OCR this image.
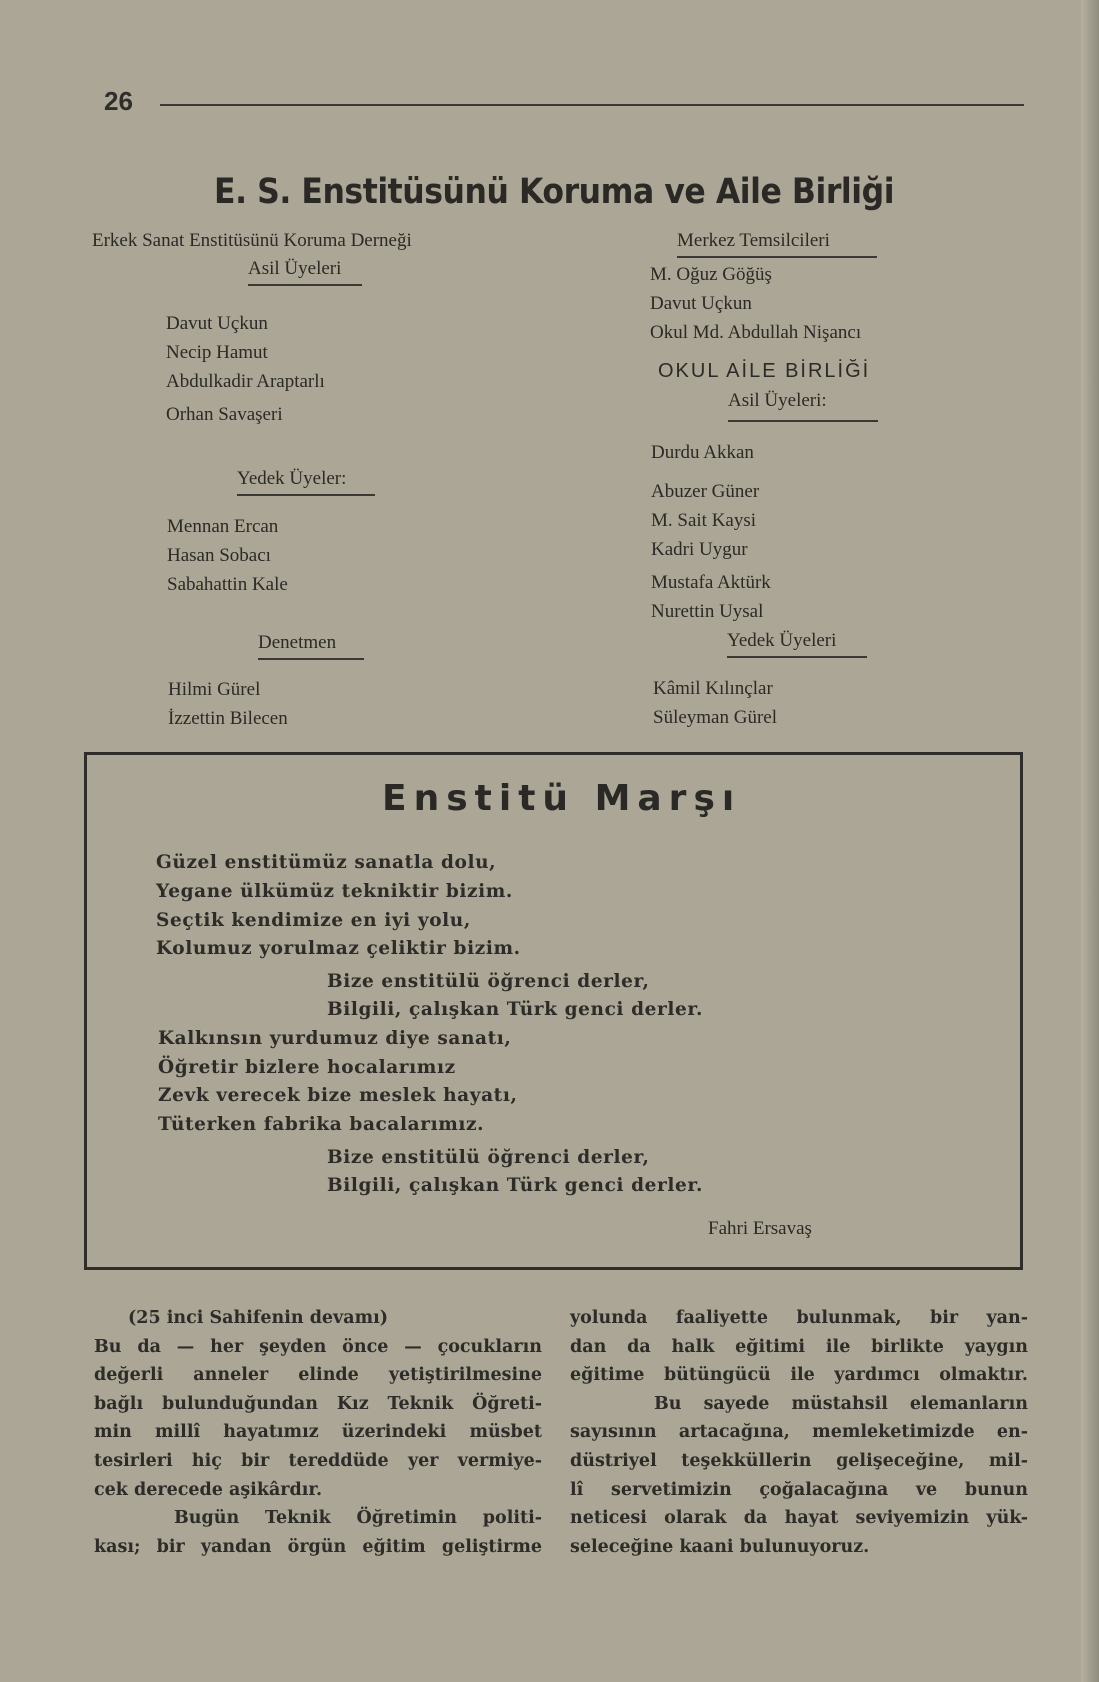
26
E. S. Enstitüsünü Koruma ve Aile Birliği
Erkek Sanat Enstitüsünü Koruma Derneği
Asil Üyeleri
Davut Uçkun
Necip Hamut
Abdulkadir Araptarlı
Orhan Savaşeri
Yedek Üyeler:
Mennan Ercan
Hasan Sobacı
Sabahattin Kale
Denetmen
Hilmi Gürel
İzzettin Bilecen
Merkez Temsilcileri
M. Oğuz Göğüş
Davut Uçkun
Okul Md. Abdullah Nişancı
OKUL AİLE BİRLİĞİ
Asil Üyeleri:
Durdu Akkan
Abuzer Güner
M. Sait Kaysi
Kadri Uygur
Mustafa Aktürk
Nurettin Uysal
Yedek Üyeleri
Kâmil Kılınçlar
Süleyman Gürel
Enstitü Marşı
Güzel enstitümüz sanatla dolu,
Yegane ülkümüz tekniktir bizim.
Seçtik kendimize en iyi yolu,
Kolumuz yorulmaz çeliktir bizim.
Bize enstitülü öğrenci derler,
Bilgili, çalışkan Türk genci derler.
Kalkınsın yurdumuz diye sanatı,
Öğretir bizlere hocalarımız
Zevk verecek bize meslek hayatı,
Tüterken fabrika bacalarımız.
Bize enstitülü öğrenci derler,
Bilgili, çalışkan Türk genci derler.
Fahri Ersavaş

(25 inci Sahifenin devamı)

Bu da — her şeyden önce — çocukların

değerli anneler elinde yetiştirilmesine

bağlı bulunduğundan Kız Teknik Öğreti-

min millî hayatımız üzerindeki müsbet

tesirleri hiç bir tereddüde yer vermiye-

cek derecede aşikârdır.

Bugün Teknik Öğretimin politi-

kası; bir yandan örgün eğitim geliştirme

yolunda faaliyette bulunmak, bir yan-

dan da halk eğitimi ile birlikte yaygın

eğitime bütüngücü ile yardımcı olmaktır.

Bu sayede müstahsil elemanların

sayısının artacağına, memleketimizde en-

düstriyel teşekküllerin gelişeceğine, mil-

lî servetimizin çoğalacağına ve bunun

neticesi olarak da hayat seviyemizin yük-

seleceğine kaani bulunuyoruz.
